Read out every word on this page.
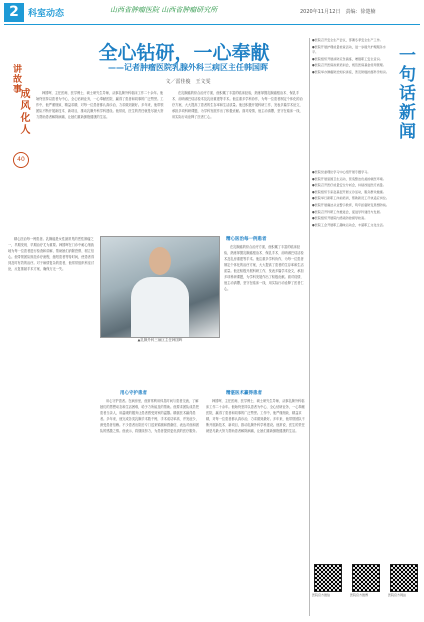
2	科室动态	山西省肿瘤医院 山西省肿瘤研究所	2020年11月12日　责编：徐楚楠
讲故事
成风化人
40
全心钻研，一心奉献
——记者肿瘤医院乳腺外科三病区主任韩国晖
文／雷佳俊　王文雯

韩国晖，主任医师，医学博士，硕士研究生导师，从事乳腺外科临床工作二十余年。他始终坚持以患者为中心，全心钻研业务，一心奉献医院，赢得了患者和同事的广泛赞誉。工作中，他严谨细致、精益求精，对每一位患者都认真诊治，力求做到最好。多年来，他带领团队不断开展新技术、新项目，推动乳腺外科学科建设。他常说，医生的责任就是尽最大努力帮助患者解除病痛，让她们重新拥抱健康的生活。

在乳腺癌的综合治疗方面，他积累了丰富的临床经验，熟练掌握乳腺癌根治术、保乳手术、前哨淋巴结活检术及乳房重建等手术。他注重多学科协作，为每一位患者制定个体化的治疗方案，大大提高了患者的生存率和生活质量。他还积极开展科研工作，发表多篇学术论文，承担多项科研课题，为学科发展作出了积极贡献。面对疫情，他主动请缨，坚守在临床一线，用实际行动诠释了医者仁心。

▲乳腺外科三病区主任韩国晖

精心医治每一例患者。乳腺癌是女性最常见的恶性肿瘤之一，早期发现、早期治疗尤为重要。韩国晖在门诊中耐心细致地为每一位患者进行检查和讲解，帮助她们消除恐惧、树立信心。他带领团队规范诊疗流程，缩短患者等待时间，使患者得到及时有效的治疗。对于病情复杂的患者，他常常组织科室讨论，反复推敲手术方案，确保万无一失。

精心医治每一例患者

在乳腺癌的综合治疗方面，他积累了丰富的临床经验，熟练掌握乳腺癌根治术、保乳手术、前哨淋巴结活检术及乳房重建等手术。他注重多学科协作，为每一位患者制定个体化的治疗方案，大大提高了患者的生存率和生活质量。他还积极开展科研工作，发表多篇学术论文，承担多项科研课题，为学科发展作出了积极贡献。面对疫情，他主动请缨，坚守在临床一线，用实际行动诠释了医者仁心。

用心守护患者

用心守护患者。在病房里，他常常利用休息时间与患者交流，了解她们的思想动态和生活困难，给予力所能及的帮助。他要求团队成员把患者当亲人，用温暖的服务让患者感受到家的温馨。精湛医术赢得患者。多年来，他完成各类乳腺手术数千例，手术成功率高、并发症少，深受患者信赖。不少患者出院后专门送来锦旗和感谢信，表达对他和团队的感激之情。他表示，将继续努力，为患者提供更优质的医疗服务。

精湛医术赢得患者

韩国晖，主任医师，医学博士，硕士研究生导师，从事乳腺外科临床工作二十余年。他始终坚持以患者为中心，全心钻研业务，一心奉献医院，赢得了患者和同事的广泛赞誉。工作中，他严谨细致、精益求精，对每一位患者都认真诊治，力求做到最好。多年来，他带领团队不断开展新技术、新项目，推动乳腺外科学科建设。他常说，医生的责任就是尽最大努力帮助患者解除病痛，让她们重新拥抱健康的生活。

一句话新闻

●医院召开安全生产会议，部署冬季安全生产工作。

●医院开展护理质量检查活动，进一步提升护理服务水平。

●医院组织开展消防应急演练，增强职工安全意识。

●医院召开医保政策培训会，规范医保基金使用管理。

●医院举办肿瘤防治知识讲座，普及防癌抗癌科学知识。

●医院党委理论学习中心组开展专题学习。

●医院开展爱国卫生运动，营造整洁优美的就医环境。

●医院召开医疗质量安全分析会，持续改进医疗质量。

●医院组织专家赴基层开展义诊活动，服务群众健康。

●医院举行新职工岗前培训，帮助新员工尽快适应岗位。

●医院开展廉洁从业警示教育，筑牢拒腐防变思想防线。

●医院召开科研工作推进会，促进学科建设与发展。

●医院组织开展院内感染防控督导检查。

●医院工会开展职工趣味运动会，丰富职工文化生活。

医院官方微信	医院官方微博	医院官方网站
